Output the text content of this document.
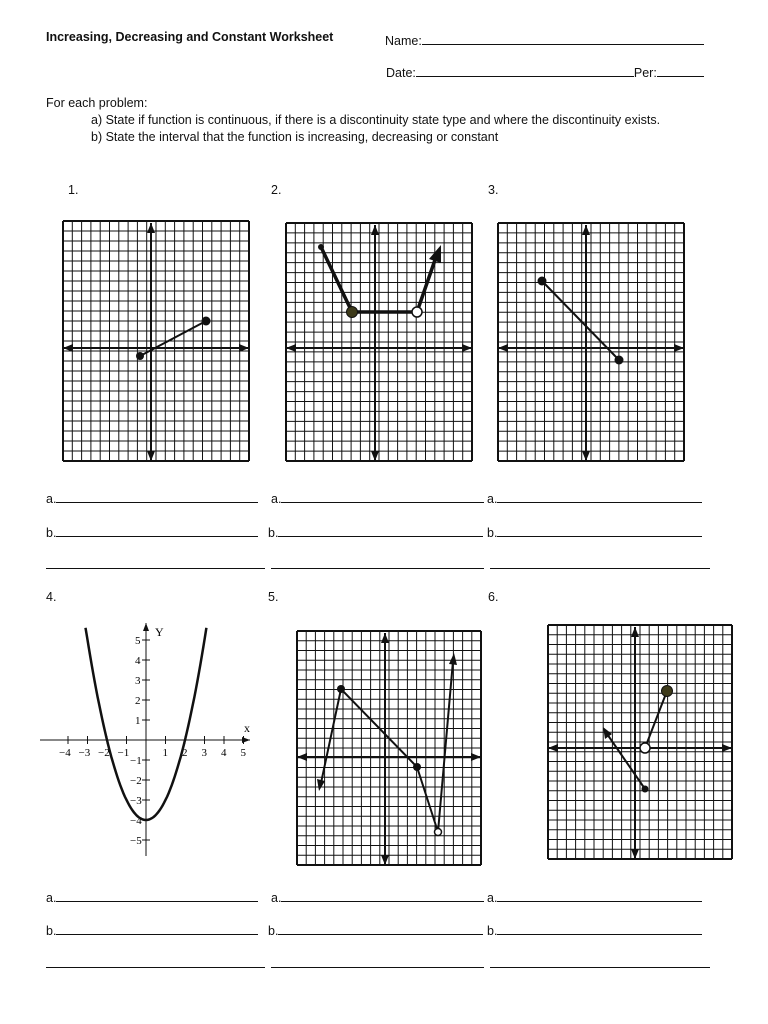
Increasing, Decreasing and Constant Worksheet	Name:
Date:	Per:
For each problem:
a) State if function is continuous, if there is a discontinuity state type and where the discontinuity exists.
b) State the interval that the function is increasing, decreasing or constant
1.	2.	3.
4.	5.	6.
−4 −3 −2 −1	1 2 3 4 5
5
4
3
2
1
−1
−2
−3
−4
−5
Y
x
a.	a.	a.
b.	b.	b.
a.	a.	a.
b.	b.	b.
